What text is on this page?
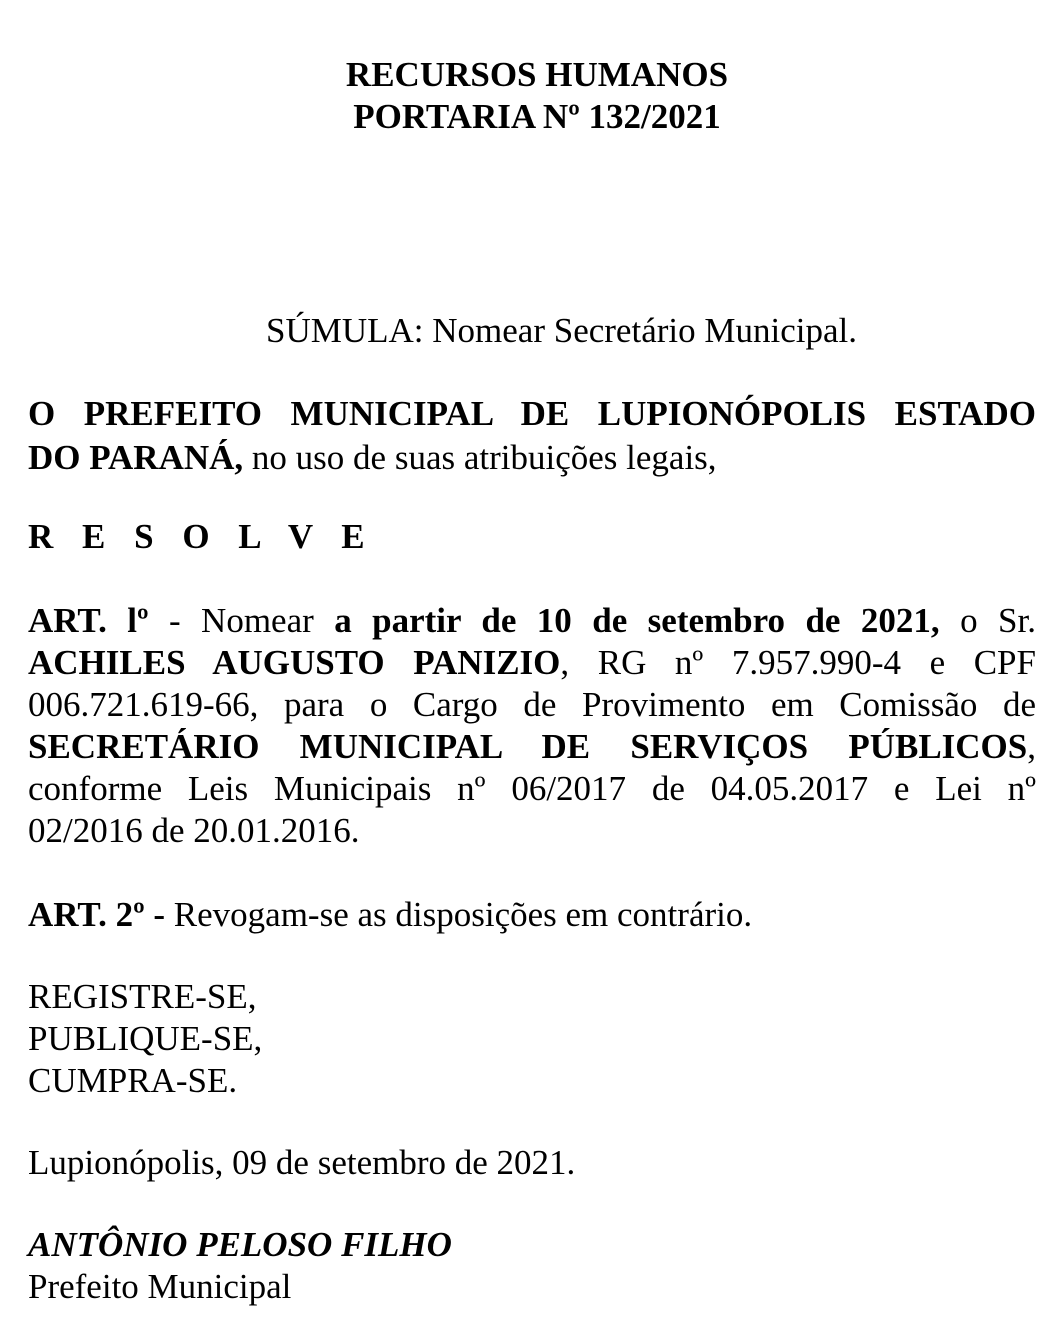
RECURSOS HUMANOS
PORTARIA Nº 132/2021
SÚMULA: Nomear Secretário Municipal.
O PREFEITO MUNICIPAL DE LUPIONÓPOLIS ESTADO
DO PARANÁ, no uso de suas atribuições legais,
R E S O L V E
ART. lº - Nomear a partir de 10 de setembro de 2021, o Sr.
ACHILES AUGUSTO PANIZIO, RG nº 7.957.990-4 e CPF
006.721.619-66, para o Cargo de Provimento em Comissão de
SECRETÁRIO MUNICIPAL DE SERVIÇOS PÚBLICOS,
conforme Leis Municipais nº 06/2017 de 04.05.2017 e Lei nº
02/2016 de 20.01.2016.
ART. 2º - Revogam-se as disposições em contrário.
REGISTRE-SE,
PUBLIQUE-SE,
CUMPRA-SE.
Lupionópolis, 09 de setembro de 2021.
ANTÔNIO PELOSO FILHO
Prefeito Municipal
